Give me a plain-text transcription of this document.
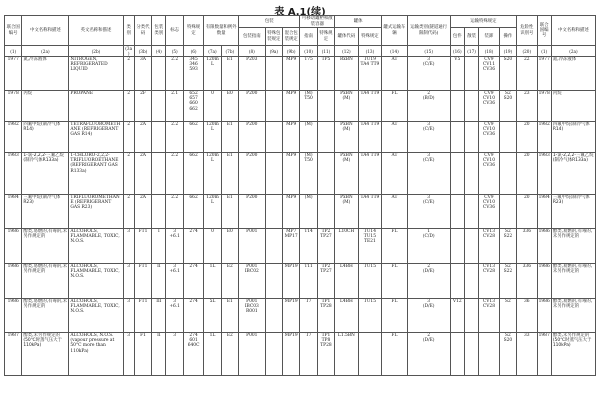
表 A.1(续)
联合国编号	中文名称和描述	英文名称和描述	类别	分类代码	包装类别	标志	特殊规定	有限数量和例外数量		包装			可移动罐柜和散装容器		罐体		罐式运输车辆	运输类别(隧道通行限制代码)	运输特殊规定				危险性识别号	联合国编号	中文名称和描述
										包装指南	特殊包装规定	混合包装规定	指南	特殊规定	罐体代码	特殊规定			包件	散装	装卸	操作			
(1)	(2a)	(2b)	(3a)	(3b)	(4)	(5)	(6)	(7a)	(7b)	(8)	(9a)	(9b)	(10)	(11)	(12)	(13)	(14)	(15)	(16)	(17)	(18)	(19)	(20)	(1)	(2a)
1977	氮,冷冻液体	NITROGEN, REFRIGERATED LIQUID	2	3A		2.2	345 346 593	120mL	E1	P203		MP9	T75	TP5	RxBN	TU19 TA4 TT9	AT	3
(C/E)	V5		CV9 CV11 CV36	S20	22	1977	氮,冷冻液体
1978	丙烷	PROPANE	2	2F		2.1	652 657 660 662	0	E0	P200		MP9	(M) T50		PxBN (M)	TA4 TT9	FL	2
(B/D)			CV9 CV10 CV36	S2 S20	23	1978	丙烷
1982	四氟甲烷(制冷气体R14)	TETRAFLUOROMETHANE (REFRIGERANT GAS R14)	2	2A		2.2	662	120mL	E1	P200		MP9	(M)		PxBN (M)	TA4 TT9	AT	3
(C/E)			CV9 CV10 CV36		20	1982	四氟甲烷(制冷气体R14)
1983	1-氯-2,2,2-三氟乙烷(制冷气体R133a)	1-CHLORO-2,2,2-TRIFLUOROETHANE (REFRIGERANT GAS R133a)	2	2A		2.2	662	120mL	E1	P200		MP9	(M) T50		PxBN (M)	TA4 TT9	AT	3
(C/E)			CV9 CV10 CV36		20	1983	1-氯-2,2,2-三氟乙烷(制冷气体R133a)
1984	三氟甲烷(制冷气体R23)	TRIFLUOROMETHANE (REFRIGERANT GAS R23)	2	2A		2.2	662	120mL	E1	P200		MP9	(M)		PxBN (M)	TA4 TT9	AT	3
(C/E)			CV9 CV10 CV36		20	1984	三氟甲烷(制冷气体R23)
1986	醇类,易燃的,有毒的,未另作规定的	ALCOHOLS, FLAMMABLE, TOXIC, N.O.S.	3	FT1	I	3 +6.1	274	0	E0	P001		MP7 MP17	T14	TP2 TP27	L10CH	TU14 TU15 TE21	FL	1
(C/D)			CV13 CV28	S2 S22	336	1986	醇类,易燃的,有毒的,未另作规定的
1986	醇类,易燃的,有毒的,未另作规定的	ALCOHOLS, FLAMMABLE, TOXIC, N.O.S.	3	FT1	II	3 +6.1	274	1L	E2	P001 IBC02		MP19	T11	TP2 TP27	L4BH	TU15	FL	2
(D/E)			CV13 CV28	S2 S22	336	1986	醇类,易燃的,有毒的,未另作规定的
1986	醇类,易燃的,有毒的,未另作规定的	ALCOHOLS, FLAMMABLE, TOXIC, N.O.S.	3	FT1	III	3 +6.1	274	5L	E1	P001 IBC03 R001		MP19	T7	TP1 TP28	L4BH	TU15	FL	3
(D/E)	V12		CV13 CV28	S2	36	1986	醇类,易燃的,有毒的,未另作规定的
1987	醇类,未另作规定的(50℃时蒸气压大于110kPa)	ALCOHOLS, N.O.S. (vapour pressure at 50°C more than 110kPa)	3	F1	II	3	274 601 640C	1L	E2	P001		MP19	T7	TP1 TP8 TP28	L1.5BN		FL	2
(D/E)				S2 S20	33	1987	醇类,未另作规定的(50℃时蒸气压大于110kPa)
